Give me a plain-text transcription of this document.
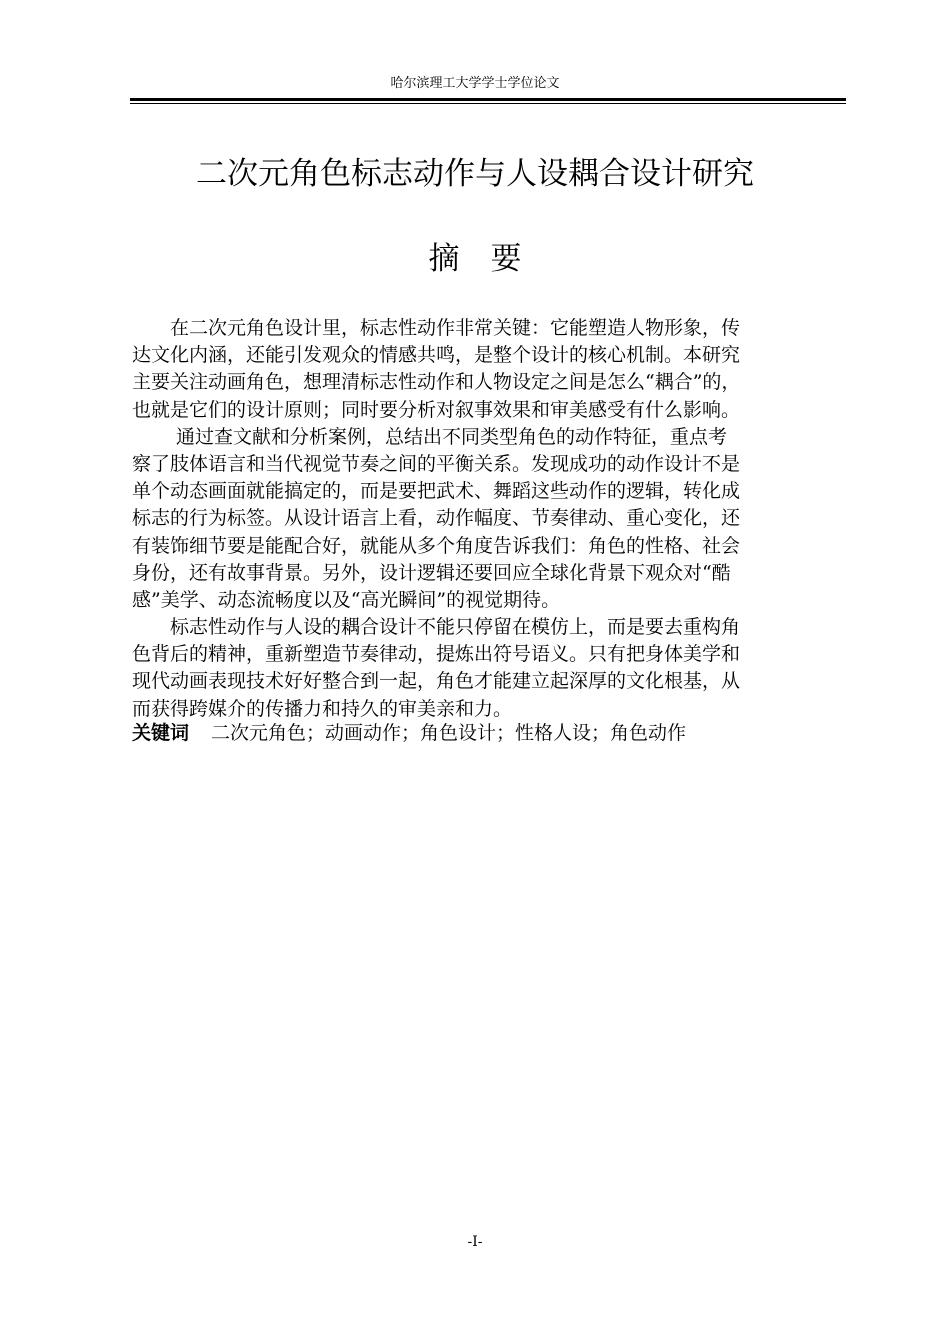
哈尔滨理工大学学士学位论文
二次元角色标志动作与人设耦合设计研究
摘　要
　　在二次元角色设计里，标志性动作非常关键：它能塑造人物形象，传
达文化内涵，还能引发观众的情感共鸣，是整个设计的核心机制。本研究
主要关注动画角色，想理清标志性动作和人物设定之间是怎么“耦合”的，
也就是它们的设计原则；同时要分析对叙事效果和审美感受有什么影响。
　　 通过查文献和分析案例，总结出不同类型角色的动作特征，重点考
察了肢体语言和当代视觉节奏之间的平衡关系。发现成功的动作设计不是
单个动态画面就能搞定的，而是要把武术、舞蹈这些动作的逻辑，转化成
标志的行为标签。从设计语言上看，动作幅度、节奏律动、重心变化，还
有装饰细节要是能配合好，就能从多个角度告诉我们：角色的性格、社会
身份，还有故事背景。另外，设计逻辑还要回应全球化背景下观众对“酷
感”美学、动态流畅度以及“高光瞬间”的视觉期待。
　　标志性动作与人设的耦合设计不能只停留在模仿上，而是要去重构角
色背后的精神，重新塑造节奏律动，提炼出符号语义。只有把身体美学和
现代动画表现技术好好整合到一起，角色才能建立起深厚的文化根基，从
而获得跨媒介的传播力和持久的审美亲和力。
关键词 二次元角色；动画动作；角色设计；性格人设；角色动作
-I-
